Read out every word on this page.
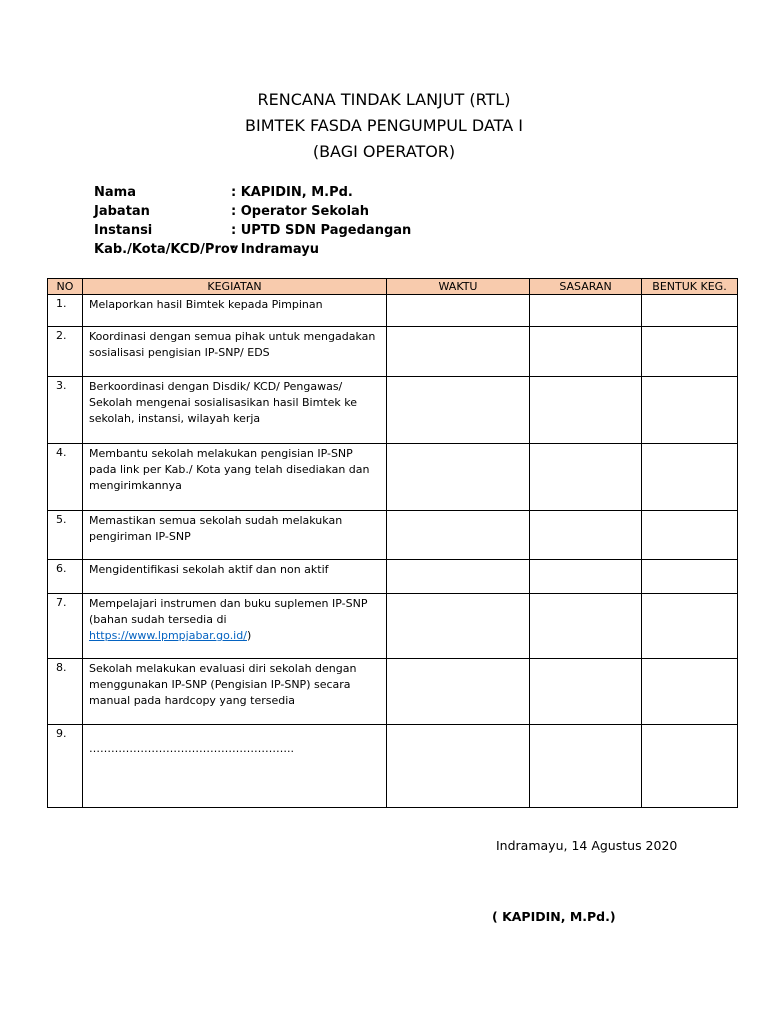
RENCANA TINDAK LANJUT (RTL)
BIMTEK FASDA PENGUMPUL DATA I
(BAGI OPERATOR)
Nama	: KAPIDIN, M.Pd.
Jabatan	: Operator Sekolah
Instansi	: UPTD SDN Pagedangan
Kab./Kota/KCD/Prov
: Indramayu
NO	KEGIATAN	WAKTU	SASARAN	BENTUK KEG.
1.	Melaporkan hasil Bimtek kepada Pimpinan			
2.	Koordinasi dengan semua pihak untuk mengadakan sosialisasi pengisian IP-SNP/ EDS			
3.	Berkoordinasi dengan Disdik/ KCD/ Pengawas/ Sekolah mengenai sosialisasikan hasil Bimtek ke sekolah, instansi, wilayah kerja			
4.	Membantu sekolah melakukan pengisian IP-SNP pada link per Kab./ Kota yang telah disediakan dan mengirimkannya			
5.	Memastikan semua sekolah sudah melakukan pengiriman IP-SNP			
6.	Mengidentifikasi sekolah aktif dan non aktif			
7.	Mempelajari instrumen dan buku suplemen IP-SNP (bahan sudah tersedia di https://www.lpmpjabar.go.id/)			
8.	Sekolah melakukan evaluasi diri sekolah dengan menggunakan IP-SNP (Pengisian IP-SNP) secara manual pada hardcopy yang tersedia			
9.	………………………………………………..			
Indramayu, 14 Agustus 2020
( KAPIDIN, M.Pd.)
